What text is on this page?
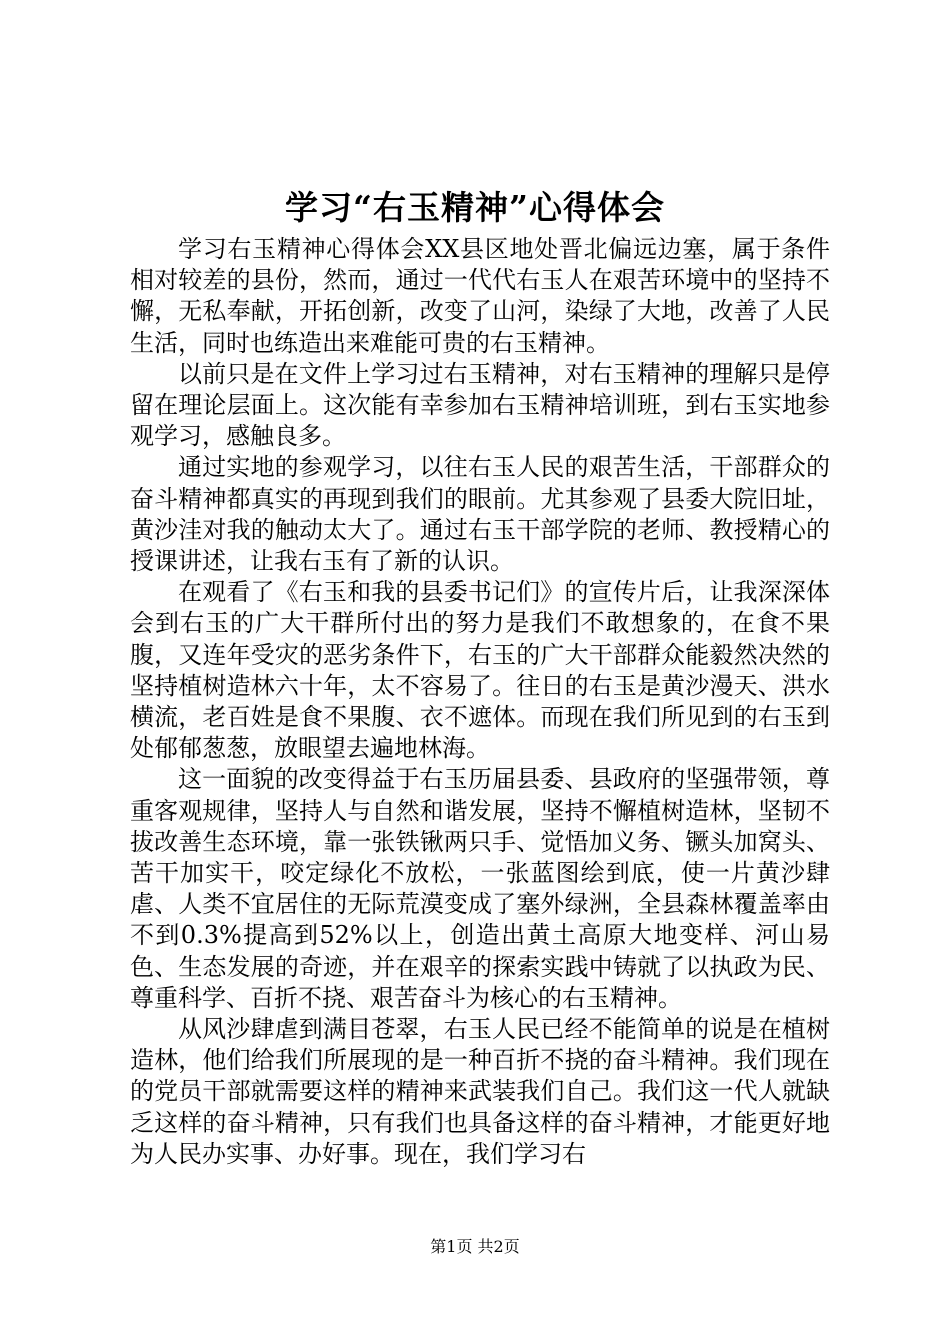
学习“右玉精神”心得体会

学习右玉精神心得体会XX县区地处晋北偏远边塞，属于条件相对较差的县份，然而，通过一代代右玉人在艰苦环境中的坚持不懈，无私奉献，开拓创新，改变了山河，染绿了大地，改善了人民生活，同时也练造出来难能可贵的右玉精神。

以前只是在文件上学习过右玉精神，对右玉精神的理解只是停留在理论层面上。这次能有幸参加右玉精神培训班，到右玉实地参观学习，感触良多。

通过实地的参观学习，以往右玉人民的艰苦生活，干部群众的奋斗精神都真实的再现到我们的眼前。尤其参观了县委大院旧址，黄沙洼对我的触动太大了。通过右玉干部学院的老师、教授精心的授课讲述，让我右玉有了新的认识。

在观看了《右玉和我的县委书记们》的宣传片后，让我深深体会到右玉的广大干群所付出的努力是我们不敢想象的，在食不果腹，又连年受灾的恶劣条件下，右玉的广大干部群众能毅然决然的坚持植树造林六十年，太不容易了。往日的右玉是黄沙漫天、洪水横流，老百姓是食不果腹、衣不遮体。而现在我们所见到的右玉到处郁郁葱葱，放眼望去遍地林海。

这一面貌的改变得益于右玉历届县委、县政府的坚强带领，尊重客观规律，坚持人与自然和谐发展，坚持不懈植树造林，坚韧不拔改善生态环境，靠一张铁锹两只手、觉悟加义务、镢头加窝头、苦干加实干，咬定绿化不放松，一张蓝图绘到底，使一片黄沙肆虐、人类不宜居住的无际荒漠变成了塞外绿洲，全县森林覆盖率由不到0.3%提高到52%以上，创造出黄土高原大地变样、河山易色、生态发展的奇迹，并在艰辛的探索实践中铸就了以执政为民、尊重科学、百折不挠、艰苦奋斗为核心的右玉精神。

从风沙肆虐到满目苍翠，右玉人民已经不能简单的说是在植树造林，他们给我们所展现的是一种百折不挠的奋斗精神。我们现在的党员干部就需要这样的精神来武装我们自己。我们这一代人就缺乏这样的奋斗精神，只有我们也具备这样的奋斗精神，才能更好地为人民办实事、办好事。现在，我们学习右

第1页 共2页
